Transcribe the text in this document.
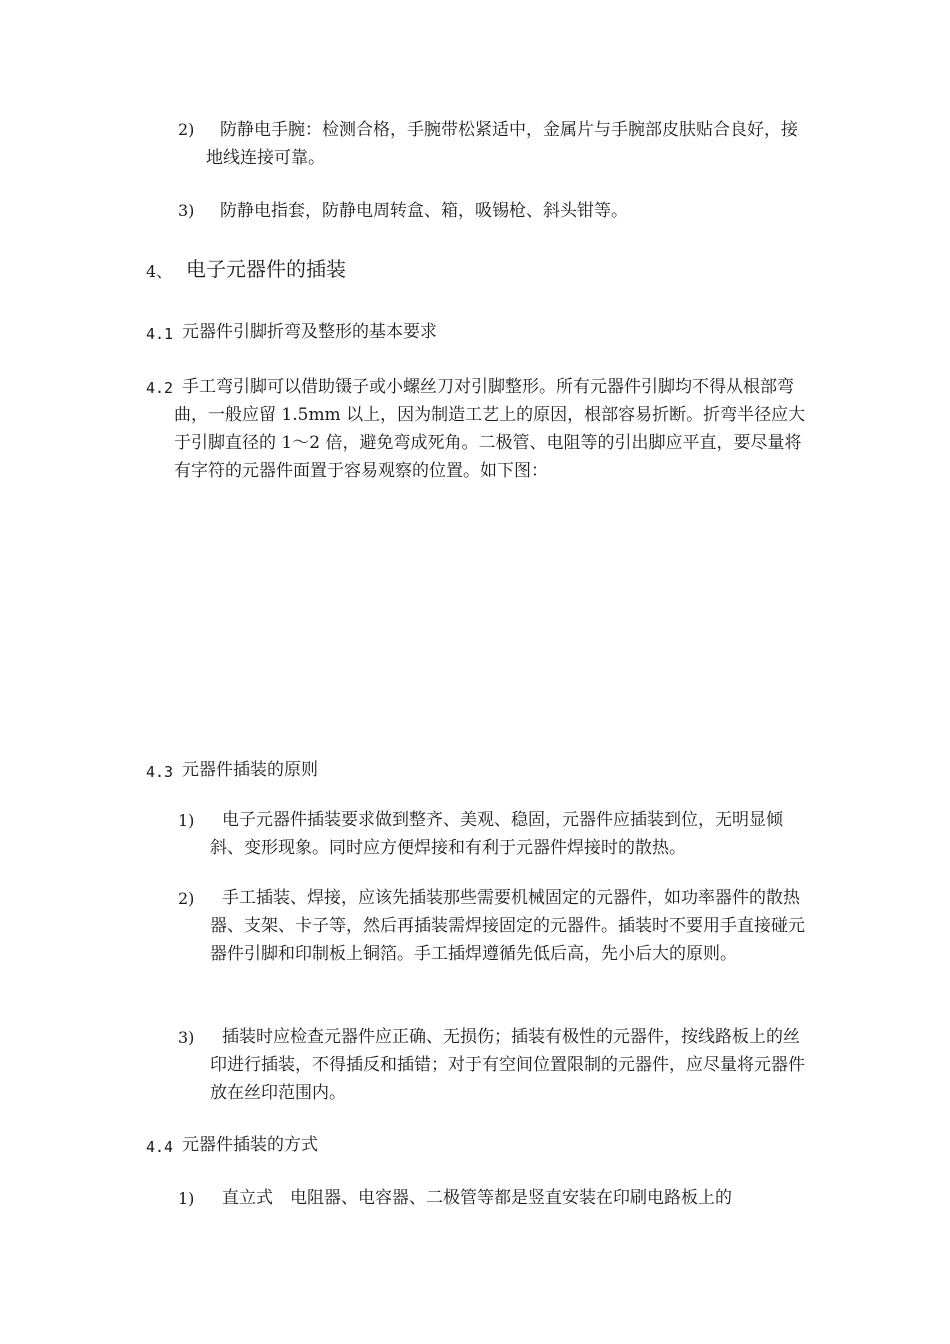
2)	防静电手腕：检测合格，手腕带松紧适中，金属片与手腕部皮肤贴合良好，接地线连接可靠。
3)	防静电指套，防静电周转盒、箱，吸锡枪、斜头钳等。
4、 电子元器件的插装
4.1 元器件引脚折弯及整形的基本要求
4.2 手工弯引脚可以借助镊子或小螺丝刀对引脚整形。所有元器件引脚均不得从根部弯曲，一般应留 1.5mm 以上，因为制造工艺上的原因，根部容易折断。折弯半径应大于引脚直径的 1～2 倍，避免弯成死角。二极管、电阻等的引出脚应平直，要尽量将有字符的元器件面置于容易观察的位置。如下图：
4.3 元器件插装的原则
1)	电子元器件插装要求做到整齐、美观、稳固，元器件应插装到位，无明显倾斜、变形现象。同时应方便焊接和有利于元器件焊接时的散热。
2)	手工插装、焊接，应该先插装那些需要机械固定的元器件，如功率器件的散热器、支架、卡子等，然后再插装需焊接固定的元器件。插装时不要用手直接碰元器件引脚和印制板上铜箔。手工插焊遵循先低后高，先小后大的原则。
3)	插装时应检查元器件应正确、无损伤；插装有极性的元器件，按线路板上的丝印进行插装，不得插反和插错；对于有空间位置限制的元器件，应尽量将元器件放在丝印范围内。
4.4 元器件插装的方式
1)	直立式　电阻器、电容器、二极管等都是竖直安装在印刷电路板上的
